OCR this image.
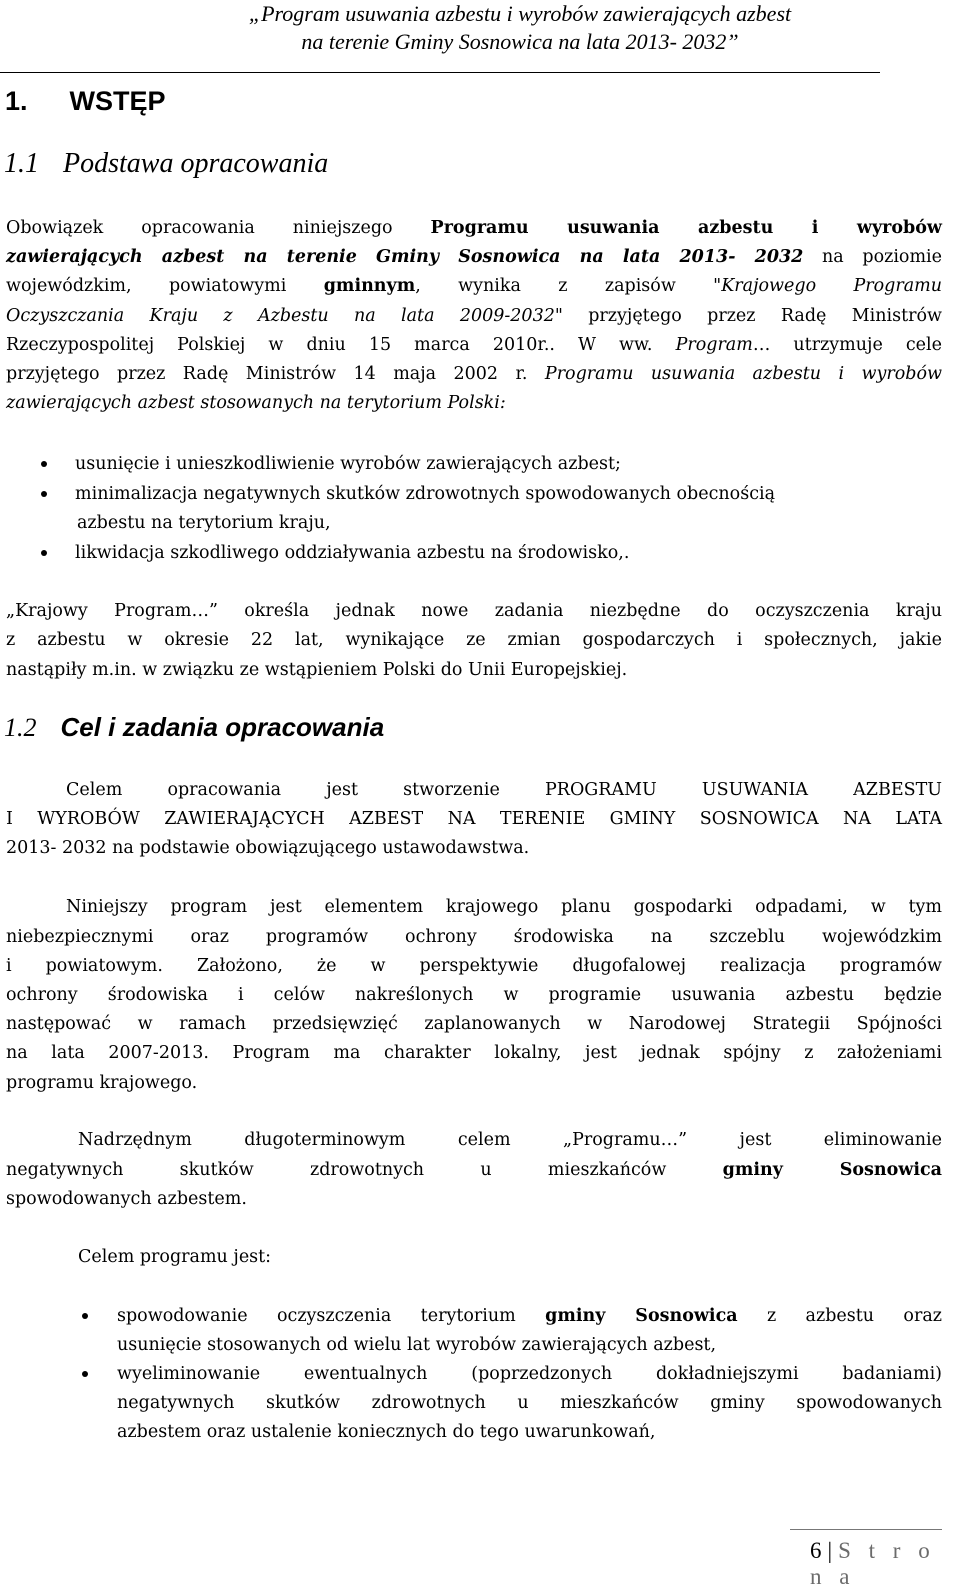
„Program usuwania azbestu i wyrobów zawierających azbest
na terenie Gminy Sosnowica na lata 2013- 2032”
1. WSTĘP
1.1 Podstawa opracowania
Obowiązek opracowania niniejszego Programu usuwania azbestu i wyrobów
zawierających azbest na terenie Gminy Sosnowica na lata 2013- 2032 na poziomie
wojewódzkim, powiatowymi gminnym, wynika z zapisów "Krajowego Programu
Oczyszczania Kraju z Azbestu na lata 2009-2032" przyjętego przez Radę Ministrów
Rzeczypospolitej Polskiej w dniu 15 marca 2010r.. W ww. Program… utrzymuje cele
przyjętego przez Radę Ministrów 14 maja 2002 r. Programu usuwania azbestu i wyrobów
zawierających azbest stosowanych na terytorium Polski:
usunięcie i unieszkodliwienie wyrobów zawierających azbest;
minimalizacja negatywnych skutków zdrowotnych spowodowanych obecnością
azbestu na terytorium kraju,
likwidacja szkodliwego oddziaływania azbestu na środowisko,.
„Krajowy Program…” określa jednak nowe zadania niezbędne do oczyszczenia kraju
z azbestu w okresie 22 lat, wynikające ze zmian gospodarczych i społecznych, jakie
nastąpiły m.in. w związku ze wstąpieniem Polski do Unii Europejskiej.
1.2 Cel i zadania opracowania
Celem opracowania jest stworzenie PROGRAMU USUWANIA AZBESTU
I WYROBÓW ZAWIERAJĄCYCH AZBEST NA TERENIE GMINY SOSNOWICA NA LATA
2013- 2032 na podstawie obowiązującego ustawodawstwa.
Niniejszy program jest elementem krajowego planu gospodarki odpadami, w tym
niebezpiecznymi oraz programów ochrony środowiska na szczeblu wojewódzkim
i powiatowym. Założono, że w perspektywie długofalowej realizacja programów
ochrony środowiska i celów nakreślonych w programie usuwania azbestu będzie
następować w ramach przedsięwzięć zaplanowanych w Narodowej Strategii Spójności
na lata 2007-2013. Program ma charakter lokalny, jest jednak spójny z założeniami
programu krajowego.
Nadrzędnym długoterminowym celem „Programu…” jest eliminowanie
negatywnych skutków zdrowotnych u mieszkańców gminy Sosnowica
spowodowanych azbestem.
Celem programu jest:
spowodowanie oczyszczenia terytorium gminy Sosnowica z azbestu oraz
usunięcie stosowanych od wielu lat wyrobów zawierających azbest,
wyeliminowanie ewentualnych (poprzedzonych dokładniejszymi badaniami)
negatywnych skutków zdrowotnych u mieszkańców gminy spowodowanych
azbestem oraz ustalenie koniecznych do tego uwarunkowań,
6 | S t r o n a
